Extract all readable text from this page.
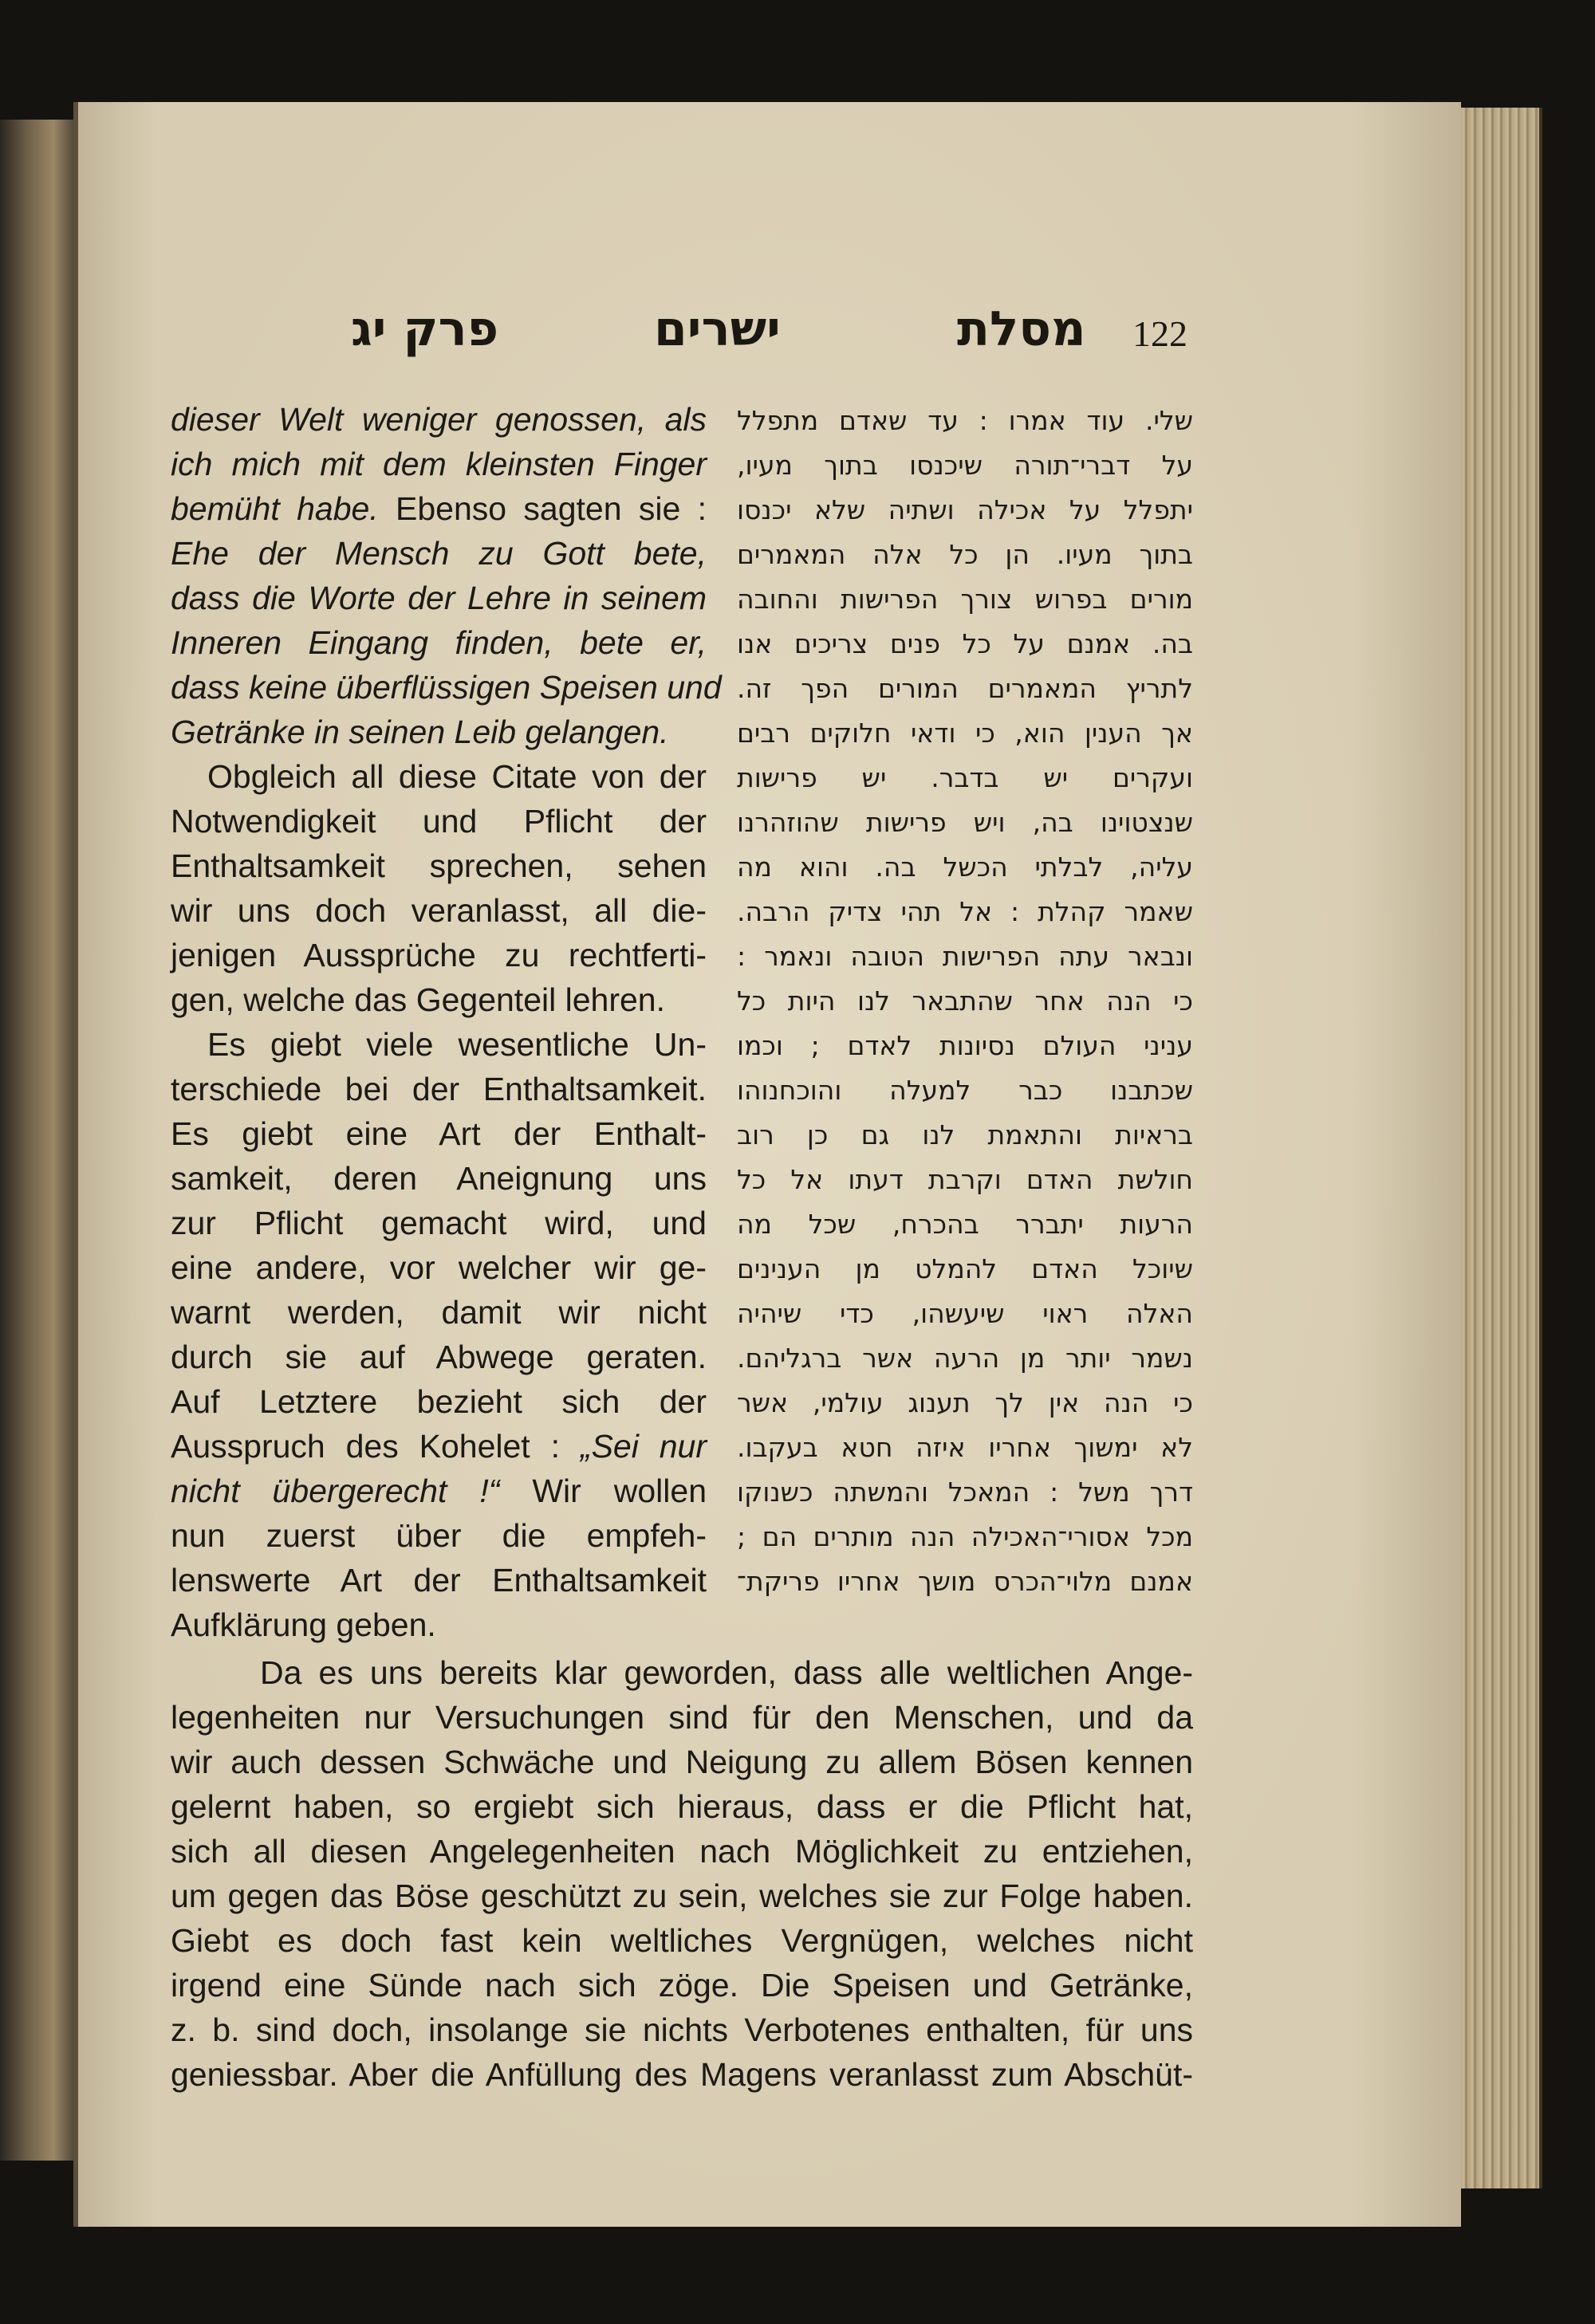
פרק יג	ישרים	מסלת 122
dieser Welt weniger genossen, als
ich mich mit dem kleinsten Finger
bemüht habe. Ebenso sagten sie :
Ehe der Mensch zu Gott bete,
dass die Worte der Lehre in seinem
Inneren Eingang finden, bete er,
dass keine überflüssigen Speisen und
Getränke in seinen Leib gelangen.
Obgleich all diese Citate von der
Notwendigkeit und Pflicht der
Enthaltsamkeit sprechen, sehen
wir uns doch veranlasst, all die-
jenigen Aussprüche zu rechtferti-
gen, welche das Gegenteil lehren.
Es giebt viele wesentliche Un-
terschiede bei der Enthaltsamkeit.
Es giebt eine Art der Enthalt-
samkeit, deren Aneignung uns
zur Pflicht gemacht wird, und
eine andere, vor welcher wir ge-
warnt werden, damit wir nicht
durch sie auf Abwege geraten.
Auf Letztere bezieht sich der
Ausspruch des Kohelet : „Sei nur
nicht übergerecht !“ Wir wollen
nun zuerst über die empfeh-
lenswerte Art der Enthaltsamkeit
Aufklärung geben.
שלי. עוד אמרו : עד שאדם מתפלל
על דברי־תורה שיכנסו בתוך מעיו,
יתפלל על אכילה ושתיה שלא יכנסו
בתוך מעיו. הן כל אלה המאמרים
מורים בפרוש צורך הפרישות והחובה
בה. אמנם על כל פנים צריכים אנו
לתריץ המאמרים המורים הפך זה.
אך הענין הוא, כי ודאי חלוקים רבים
ועקרים יש בדבר. יש פרישות
שנצטוינו בה, ויש פרישות שהוזהרנו
עליה, לבלתי הכשל בה. והוא מה
שאמר קהלת : אל תהי צדיק הרבה.
ונבאר עתה הפרישות הטובה ונאמר :
כי הנה אחר שהתבאר לנו היות כל
עניני העולם נסיונות לאדם ; וכמו
שכתבנו כבר למעלה והוכחנוהו
בראיות והתאמת לנו גם כן רוב
חולשת האדם וקרבת דעתו אל כל
הרעות יתברר בהכרח, שכל מה
שיוכל האדם להמלט מן הענינים
האלה ראוי שיעשהו, כדי שיהיה
נשמר יותר מן הרעה אשר ברגליהם.
כי הנה אין לך תענוג עולמי, אשר
לא ימשוך אחריו איזה חטא בעקבו.
דרך משל : המאכל והמשתה כשנוקו
מכל אסורי־האכילה הנה מותרים הם ;
אמנם מלוי־הכרס מושך אחריו פריקת־
Da es uns bereits klar geworden, dass alle weltlichen Ange-
legenheiten nur Versuchungen sind für den Menschen, und da
wir auch dessen Schwäche und Neigung zu allem Bösen kennen
gelernt haben, so ergiebt sich hieraus, dass er die Pflicht hat,
sich all diesen Angelegenheiten nach Möglichkeit zu entziehen,
um gegen das Böse geschützt zu sein, welches sie zur Folge haben.
Giebt es doch fast kein weltliches Vergnügen, welches nicht
irgend eine Sünde nach sich zöge. Die Speisen und Getränke,
z. b. sind doch, insolange sie nichts Verbotenes enthalten, für uns
geniessbar. Aber die Anfüllung des Magens veranlasst zum Abschüt-
